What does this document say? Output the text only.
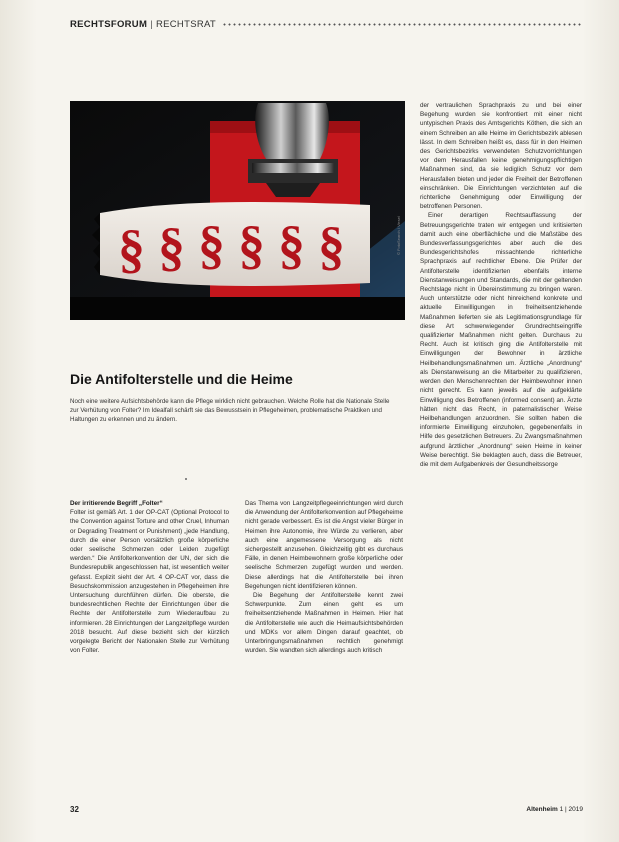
RECHTSFORUM | RECHTSRAT
§ § § § § §	© FotoSearch / Viesel
Die Antifolterstelle und die Heime

Noch eine weitere Aufsichtsbehörde kann die Pflege wirklich nicht gebrauchen. Welche Rolle hat die Nationale Stelle zur Verhütung von Folter? Im Idealfall schärft sie das Bewusstsein in Pflegeheimen, problematische Praktiken und Haltungen zu erkennen und zu ändern.

Der irritierende Begriff „Folter“

Folter ist gemäß Art. 1 der OP-CAT (Optional Protocol to the Convention against Torture and other Cruel, Inhuman or Degrading Treatment or Punishment) „jede Handlung, durch die einer Person vorsätzlich große körperliche oder seelische Schmerzen oder Leiden zugefügt werden.“ Die Antifolterkonvention der UN, der sich die Bundesrepublik angeschlossen hat, ist wesentlich weiter gefasst. Explizit sieht der Art. 4 OP-CAT vor, dass die Besuchskommission anzugestehen in Pflegeheimen ihre Untersuchung durchführen dürfen. Die oberste, die bundesrechtlichen Rechte der Einrichtungen über die Rechte der Antifolterstelle zum Wiederaufbau zu informieren. 28 Einrichtungen der Langzeitpflege wurden 2018 besucht. Auf diese bezieht sich der kürzlich vorgelegte Bericht der Nationalen Stelle zur Verhütung von Folter.

Das Thema von Langzeitpflegeeinrichtungen wird durch die Anwendung der Antifolterkonvention auf Pflegeheime nicht gerade verbessert. Es ist die Angst vieler Bürger in Heimen ihre Autonomie, ihre Würde zu verlieren, aber auch eine angemessene Versorgung als nicht sichergestellt anzusehen. Gleichzeitig gibt es durchaus Fälle, in denen Heimbewohnern große körperliche oder seelische Schmerzen zugefügt wurden und werden. Diese allerdings hat die Antifolterstelle bei ihren Begehungen nicht identifizieren können.

Die Begehung der Antifolterstelle kennt zwei Schwerpunkte. Zum einen geht es um freiheitsentziehende Maßnahmen in Heimen. Hier hat die Antifolterstelle wie auch die Heimaufsichtsbehörden und MDKs vor allem Dingen darauf geachtet, ob Unterbringungsmaßnahmen rechtlich genehmigt wurden. Sie wandten sich allerdings auch kritisch

der vertraulichen Sprachpraxis zu und bei einer Begehung wurden sie konfrontiert mit einer nicht untypischen Praxis des Amtsgerichts Köthen, die sich an einem Schreiben an alle Heime im Gerichtsbezirk ablesen lässt. In dem Schreiben heißt es, dass für in den Heimen des Gerichtsbezirks verwendeten Schutzvorrichtungen vor dem Herausfallen keine genehmigungspflichtigen Maßnahmen sind, da sie lediglich Schutz vor dem Herausfallen bieten und jeder die Freiheit der Betroffenen einschränken. Die Einrichtungen verzichteten auf die richterliche Genehmigung oder Einwilligung der betroffenen Personen.

Einer derartigen Rechtsauffassung der Betreuungsgerichte traten wir entgegen und kritisierten damit auch eine oberflächliche und die Maßstäbe des Bundesverfassungsgerichtes aber auch die des Bundesgerichtshofes missachtende richterliche Sprachpraxis auf rechtlicher Ebene. Die Prüfer der Antifolterstelle identifizierten ebenfalls interne Dienstanweisungen und Standards, die mit der geltenden Rechtslage nicht in Übereinstimmung zu bringen waren. Auch unterstützte oder nicht hinreichend konkrete und aktuelle Einwilligungen in freiheitsentziehende Maßnahmen lieferten sie als Legitimationsgrundlage für diese Art schwerwiegender Grundrechtseingriffe qualifizierter Maßnahmen nicht gelten. Durchaus zu Recht. Auch ist kritisch ging die Antifolterstelle mit Einwilligungen der Bewohner in ärztliche Heilbehandlungsmaßnahmen um. Ärztliche „Anordnung“ als Dienstanweisung an die Mitarbeiter zu qualifizieren, werden den Menschenrechten der Heimbewohner innen nicht gerecht. Es kann jeweils auf die aufgeklärte Einwilligung des Betroffenen (informed consent) an. Ärzte hätten nicht das Recht, in paternalistischer Weise Heilbehandlungen anzuordnen. Sie sollten haben die informierte Einwilligung einzuholen, gegebenenfalls in Hilfe des gesetzlichen Betreuers. Zu Zwangsmaßnahmen aufgrund ärztlicher „Anordnung“ seien Heime in keiner Weise berechtigt. Sie beklagten auch, dass die Betreuer, die mit dem Aufgabenkreis der Gesundheitssorge

32	Altenheim 1 | 2019
